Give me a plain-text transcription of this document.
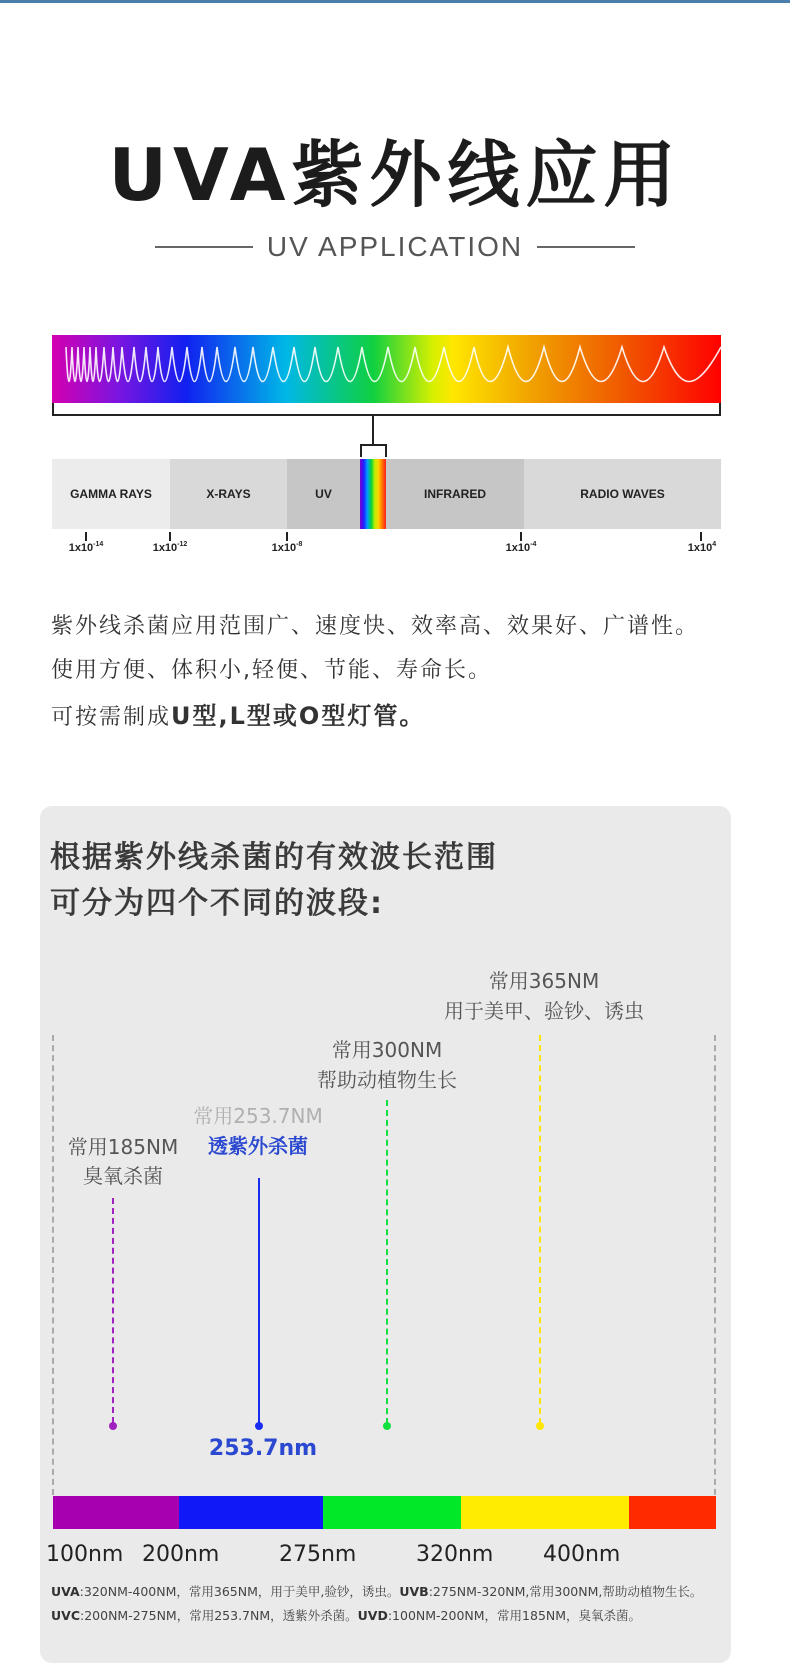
UVA紫外线应用
UV APPLICATION
GAMMA RAYS	X-RAYS	UV	INFRARED	RADIO WAVES
$1x10^{-14}$	$1x10^{-12}$	$1x10^{-8}$	$1x10^{-4}$	$1x10^4$

紫外线杀菌应用范围广、速度快、效率高、效果好、广谱性。

使用方便、体积小,轻便、节能、寿命长。

可按需制成U型,L型或O型灯管。

根据紫外线杀菌的有效波长范围
可分为四个不同的波段:
常用185NM
臭氧杀菌
常用253.7NM
透紫外杀菌
253.7nm
常用300NM
帮助动植物生长
常用365NM
用于美甲、验钞、诱虫
100nm 200nm	275nm	320nm 400nm

UVA:320NM-400NM，常用365NM，用于美甲,验钞，诱虫。UVB:275NM-320NM,常用300NM,帮助动植物生长。

UVC:200NM-275NM，常用253.7NM，透紫外杀菌。UVD:100NM-200NM，常用185NM，臭氧杀菌。
